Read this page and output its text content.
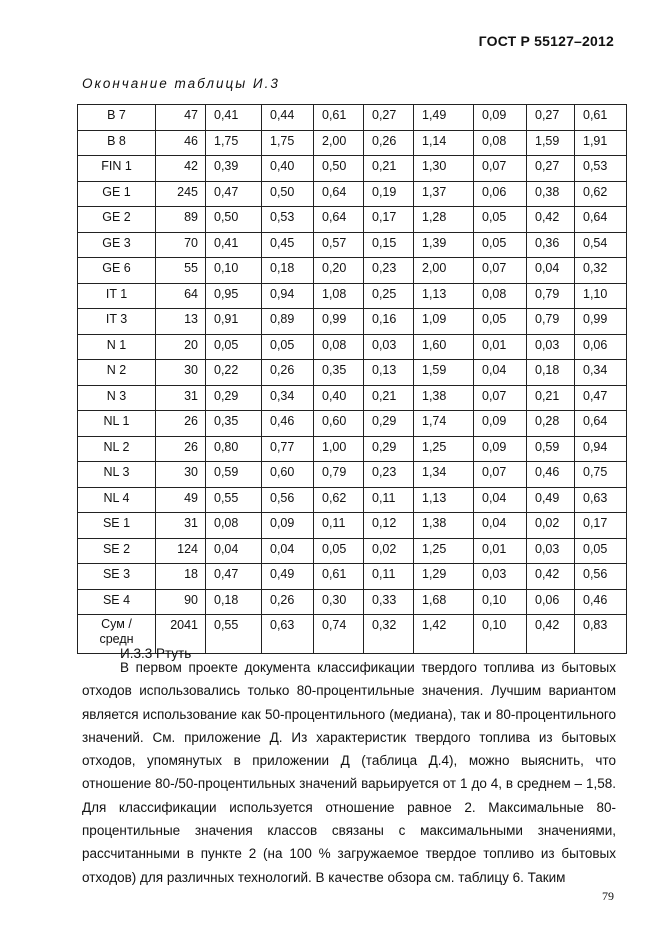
ГОСТ Р 55127–2012
Окончание таблицы И.3
B 7	47	0,41	0,44	0,61	0,27	1,49	0,09	0,27	0,61
B 8	46	1,75	1,75	2,00	0,26	1,14	0,08	1,59	1,91
FIN 1	42	0,39	0,40	0,50	0,21	1,30	0,07	0,27	0,53
GE 1	245	0,47	0,50	0,64	0,19	1,37	0,06	0,38	0,62
GE 2	89	0,50	0,53	0,64	0,17	1,28	0,05	0,42	0,64
GE 3	70	0,41	0,45	0,57	0,15	1,39	0,05	0,36	0,54
GE 6	55	0,10	0,18	0,20	0,23	2,00	0,07	0,04	0,32
IT 1	64	0,95	0,94	1,08	0,25	1,13	0,08	0,79	1,10
IT 3	13	0,91	0,89	0,99	0,16	1,09	0,05	0,79	0,99
N 1	20	0,05	0,05	0,08	0,03	1,60	0,01	0,03	0,06
N 2	30	0,22	0,26	0,35	0,13	1,59	0,04	0,18	0,34
N 3	31	0,29	0,34	0,40	0,21	1,38	0,07	0,21	0,47
NL 1	26	0,35	0,46	0,60	0,29	1,74	0,09	0,28	0,64
NL 2	26	0,80	0,77	1,00	0,29	1,25	0,09	0,59	0,94
NL 3	30	0,59	0,60	0,79	0,23	1,34	0,07	0,46	0,75
NL 4	49	0,55	0,56	0,62	0,11	1,13	0,04	0,49	0,63
SE 1	31	0,08	0,09	0,11	0,12	1,38	0,04	0,02	0,17
SE 2	124	0,04	0,04	0,05	0,02	1,25	0,01	0,03	0,05
SE 3	18	0,47	0,49	0,61	0,11	1,29	0,03	0,42	0,56
SE 4	90	0,18	0,26	0,30	0,33	1,68	0,10	0,06	0,46

Сум /
средн	2041	0,55	0,63	0,74	0,32	1,42	0,10	0,42	0,83
И.3.3 Ртуть

В первом проекте документа классификации твердого топлива из бытовых отходов использовались только 80-процентильные значения. Лучшим вариантом является использование как 50-процентильного (медиана), так и 80-процентильного значений. См. приложение Д. Из характеристик твердого топлива из бытовых отходов, упомянутых в приложении Д (таблица Д.4), можно выяснить, что отношение 80-/50-процентильных значений варьируется от 1 до 4, в среднем – 1,58. Для классификации используется отношение равное 2. Максимальные 80-процентильные значения классов связаны с максимальными значениями, рассчитанными в пункте 2 (на 100 % загружаемое твердое топливо из бытовых отходов) для различных технологий. В качестве обзора см. таблицу 6. Таким

79
